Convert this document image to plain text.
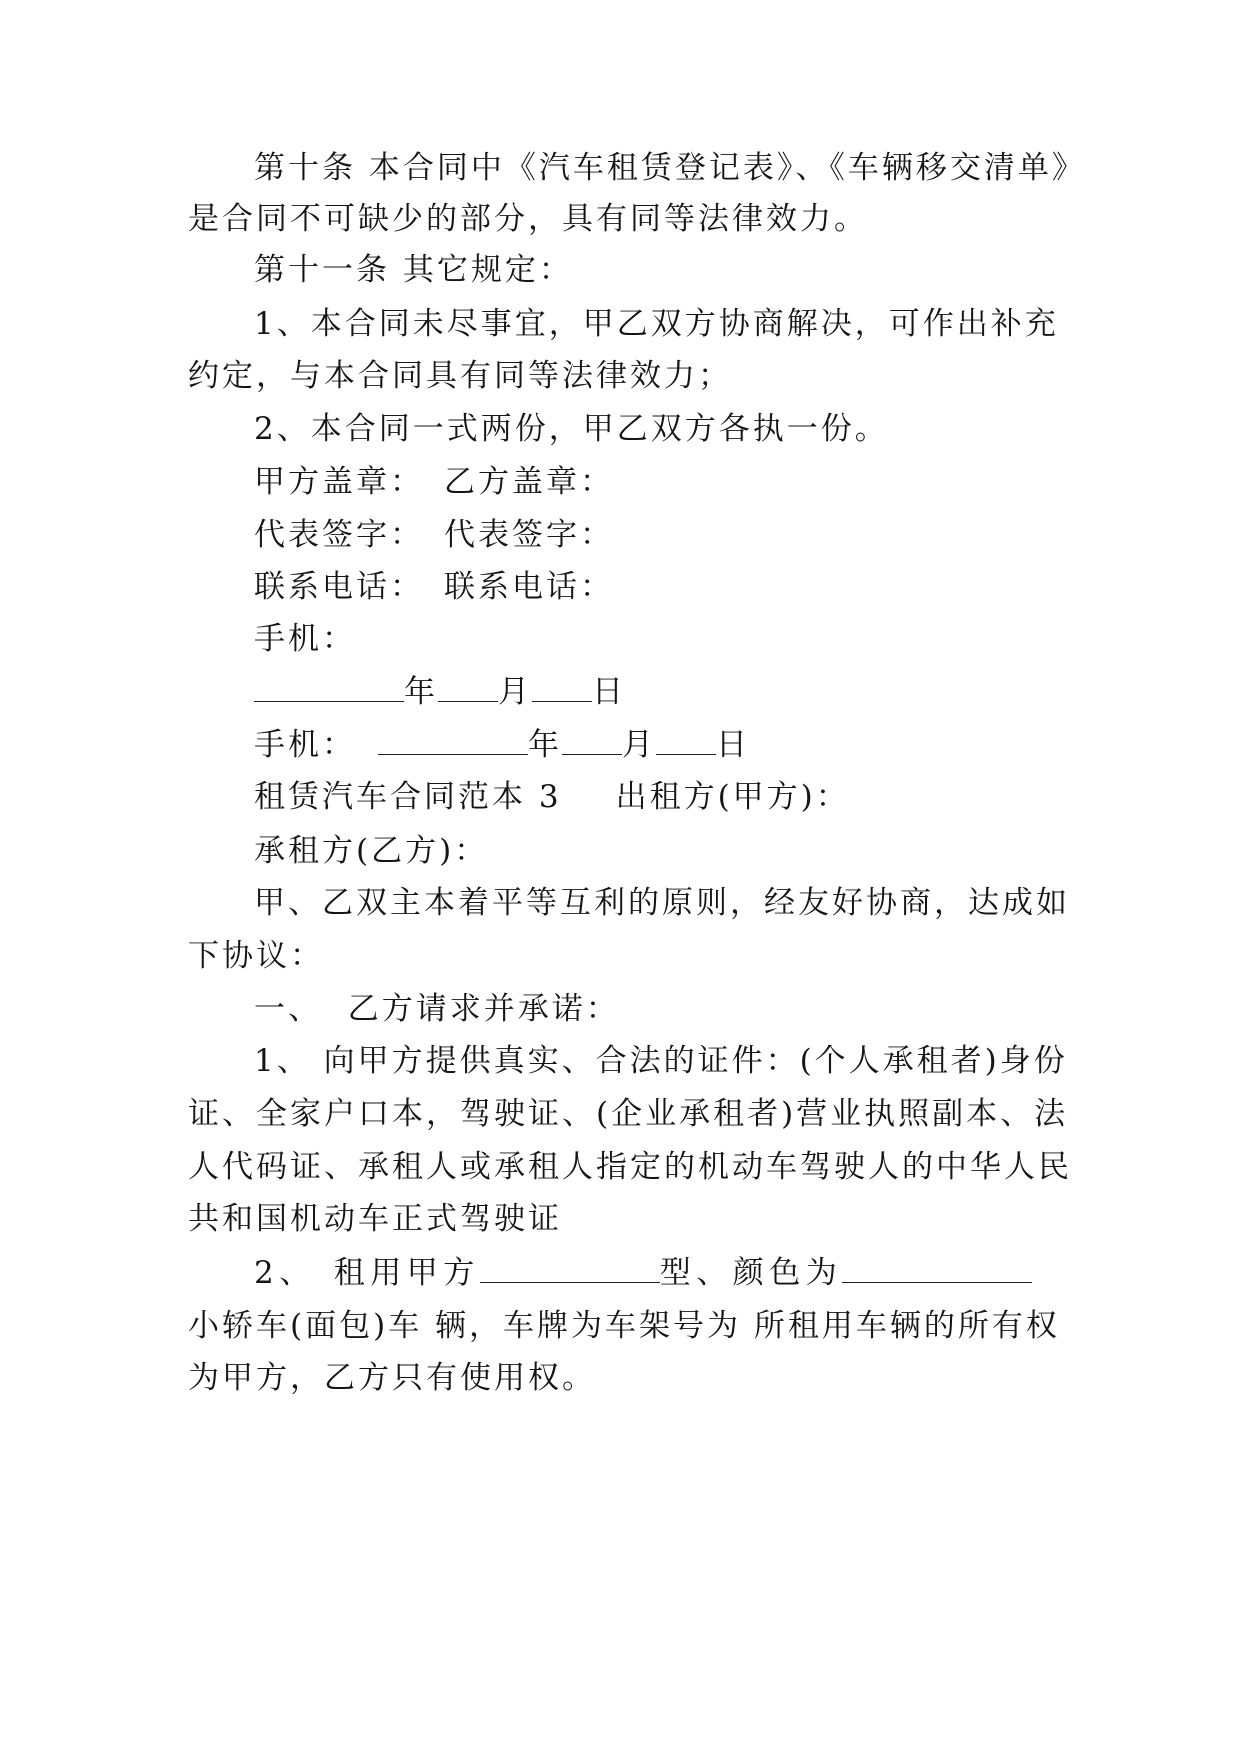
第十条 本合同中《汽车租赁登记表》、《车辆移交清单》
是合同不可缺少的部分，具有同等法律效力。
第十一条 其它规定：
1、本合同未尽事宜，甲乙双方协商解决，可作出补充
约定，与本合同具有同等法律效力；
2、本合同一式两份，甲乙双方各执一份。
甲方盖章： 乙方盖章：
代表签字： 代表签字：
联系电话： 联系电话：
手机：
年 月 日
手机：	年 月 日
租赁汽车合同范本 3 出租方(甲方)：
承租方(乙方)：
甲、乙双主本着平等互利的原则，经友好协商，达成如
下协议：
一、  乙方请求并承诺：
1、 向甲方提供真实、合法的证件：(个人承租者)身份
证、全家户口本，驾驶证、(企业承租者)营业执照副本、法
人代码证、承租人或承租人指定的机动车驾驶人的中华人民
共和国机动车正式驾驶证
2、 租用甲方	型、颜色为
小轿车(面包)车 辆，车牌为车架号为 所租用车辆的所有权
为甲方，乙方只有使用权。
